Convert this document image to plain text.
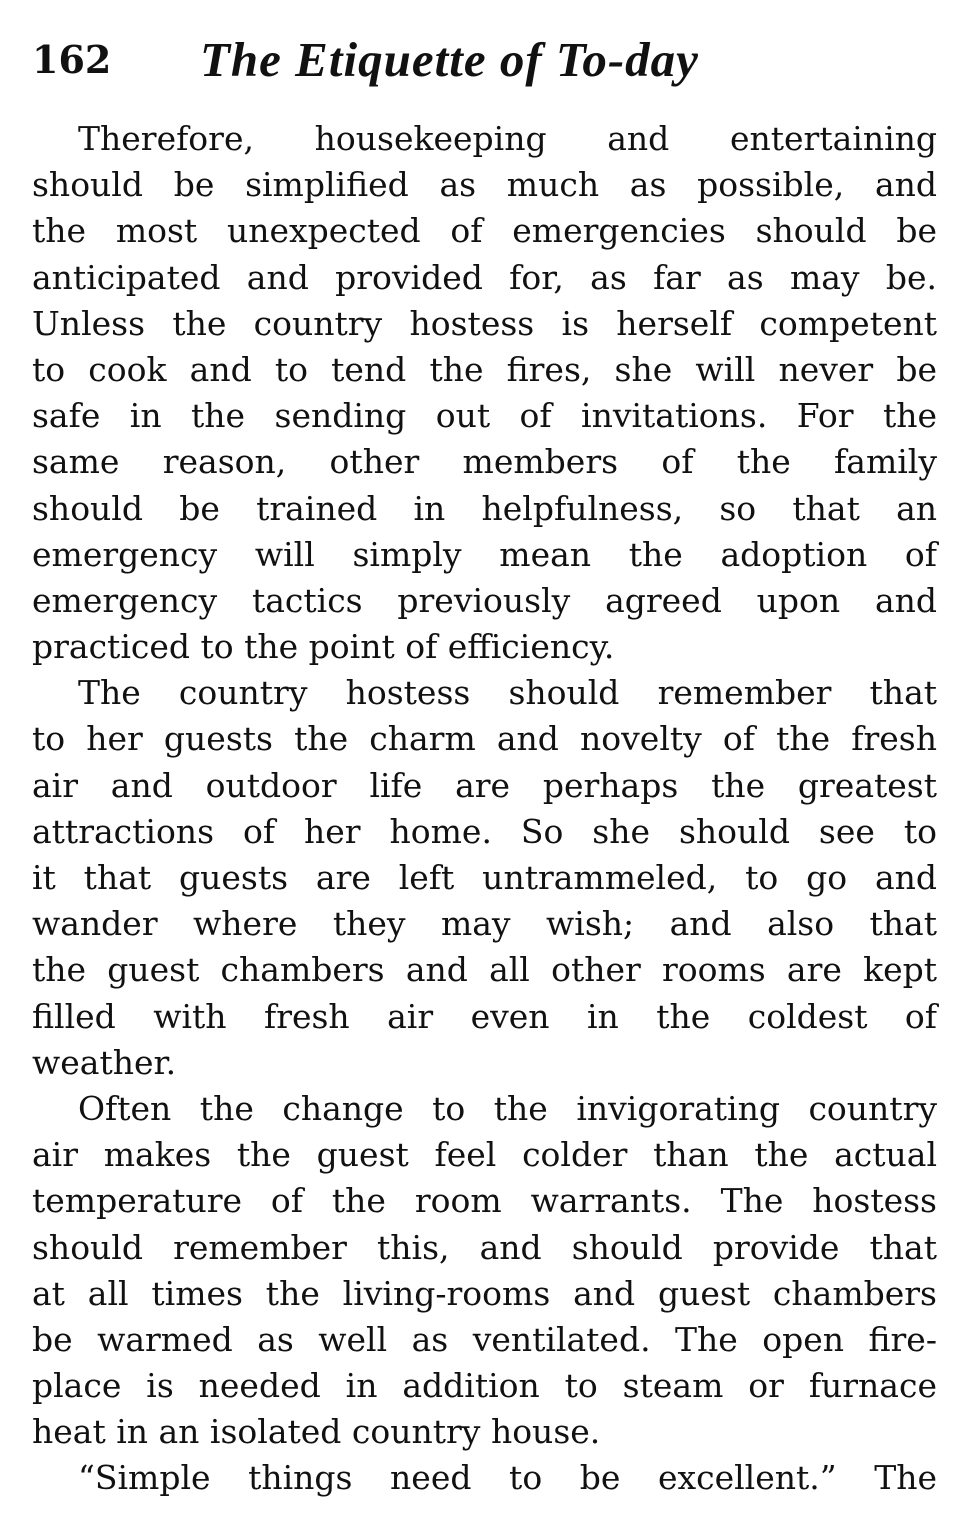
162 The Etiquette of To-day
Therefore, housekeeping and entertaining
should be simplified as much as possible, and
the most unexpected of emergencies should be
anticipated and provided for, as far as may be.
Unless the country hostess is herself competent
to cook and to tend the fires, she will never be
safe in the sending out of invitations. For the
same reason, other members of the family
should be trained in helpfulness, so that an
emergency will simply mean the adoption of
emergency tactics previously agreed upon and
practiced to the point of efficiency.
The country hostess should remember that
to her guests the charm and novelty of the fresh
air and outdoor life are perhaps the greatest
attractions of her home. So she should see to
it that guests are left untrammeled, to go and
wander where they may wish; and also that
the guest chambers and all other rooms are kept
filled with fresh air even in the coldest of
weather.
Often the change to the invigorating country
air makes the guest feel colder than the actual
temperature of the room warrants. The hostess
should remember this, and should provide that
at all times the living-rooms and guest chambers
be warmed as well as ventilated. The open fire-
place is needed in addition to steam or furnace
heat in an isolated country house.
“Simple things need to be excellent.” The
